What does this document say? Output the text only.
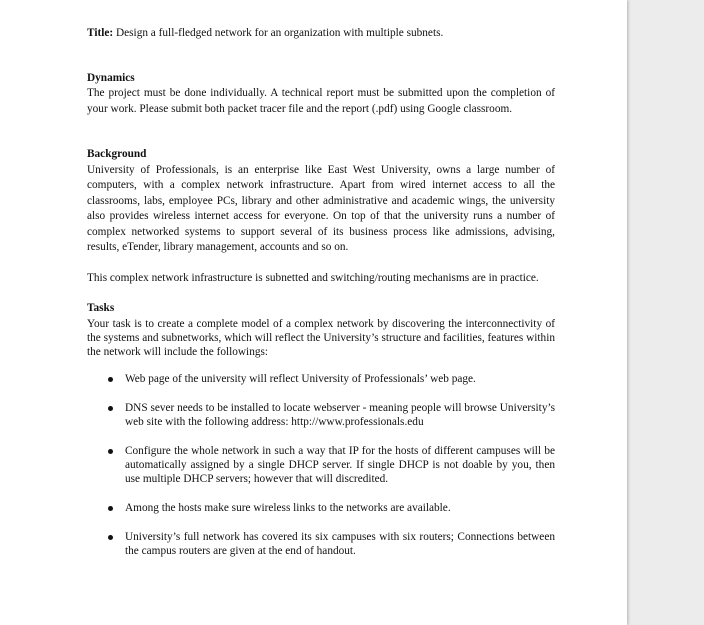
Title: Design a full-fledged network for an organization with multiple subnets.

Dynamics

The project must be done individually. A technical report must be submitted upon the completion of your work. Please submit both packet tracer file and the report (.pdf) using Google classroom.

Background

University of Professionals, is an enterprise like East West University, owns a large number of computers, with a complex network infrastructure. Apart from wired internet access to all the classrooms, labs, employee PCs, library and other administrative and academic wings, the university also provides wireless internet access for everyone. On top of that the university runs a number of complex networked systems to support several of its business process like admissions, advising, results, eTender, library management, accounts and so on.

This complex network infrastructure is subnetted and switching/routing mechanisms are in practice.

Tasks

Your task is to create a complete model of a complex network by discovering the interconnectivity of the systems and subnetworks, which will reflect the University’s structure and facilities, features within the network will include the followings:

Web page of the university will reflect University of Professionals’ web page.
DNS sever needs to be installed to locate webserver - meaning people will browse University’s web site with the following address: http://www.professionals.edu
Configure the whole network in such a way that IP for the hosts of different campuses will be automatically assigned by a single DHCP server. If single DHCP is not doable by you, then use multiple DHCP servers; however that will discredited.
Among the hosts make sure wireless links to the networks are available.
University’s full network has covered its six campuses with six routers; Connections between the campus routers are given at the end of handout.
